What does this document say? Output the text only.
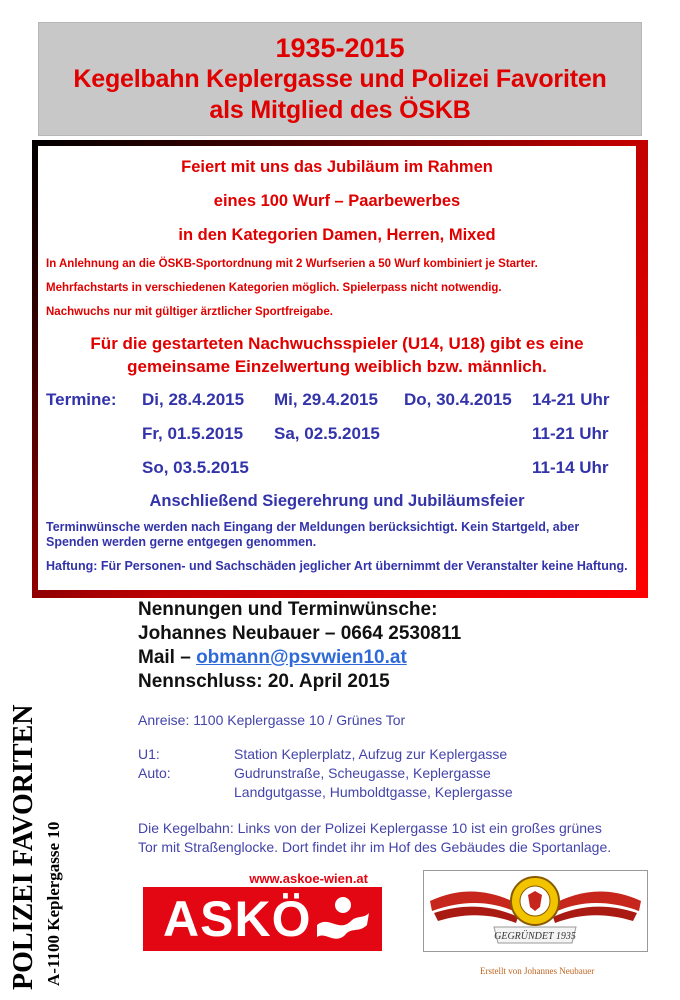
1935-2015
Kegelbahn Keplergasse und Polizei Favoriten
als Mitglied des ÖSKB
Feiert mit uns das Jubiläum im Rahmen
eines 100 Wurf – Paarbewerbes
in den Kategorien Damen, Herren, Mixed
In Anlehnung an die ÖSKB-Sportordnung mit 2 Wurfserien a 50 Wurf kombiniert je Starter.
Mehrfachstarts in verschiedenen Kategorien möglich. Spielerpass nicht notwendig.
Nachwuchs nur mit gültiger ärztlicher Sportfreigabe.
Für die gestarteten Nachwuchsspieler (U14, U18) gibt es eine gemeinsame Einzelwertung weiblich bzw. männlich.
Termine: Di, 28.4.2015 Mi, 29.4.2015 Do, 30.4.2015 14-21 Uhr
Fr, 01.5.2015 Sa, 02.5.2015	11-21 Uhr
So, 03.5.2015	11-14 Uhr
Anschließend Siegerehrung und Jubiläumsfeier
Terminwünsche werden nach Eingang der Meldungen berücksichtigt. Kein Startgeld, aber Spenden werden gerne entgegen genommen.
Haftung: Für Personen- und Sachschäden jeglicher Art übernimmt der Veranstalter keine Haftung.
Nennungen und Terminwünsche:
Johannes Neubauer – 0664 2530811
Mail – obmann@psvwien10.at
Nennschluss: 20. April 2015
Anreise: 1100 Keplergasse 10 / Grünes Tor
U1:	Station Keplerplatz, Aufzug zur Keplergasse
Auto:	Gudrunstraße, Scheugasse, Keplergasse
Landgutgasse, Humboldtgasse, Keplergasse
Die Kegelbahn: Links von der Polizei Keplergasse 10 ist ein großes grünes
Tor mit Straßenglocke. Dort findet ihr im Hof des Gebäudes die Sportanlage.
POLIZEI FAVORITEN A-1100 Keplergasse 10	www.askoe-wien.at
ASKÖ	GEGRÜNDET 1935
Erstellt von Johannes Neubauer
